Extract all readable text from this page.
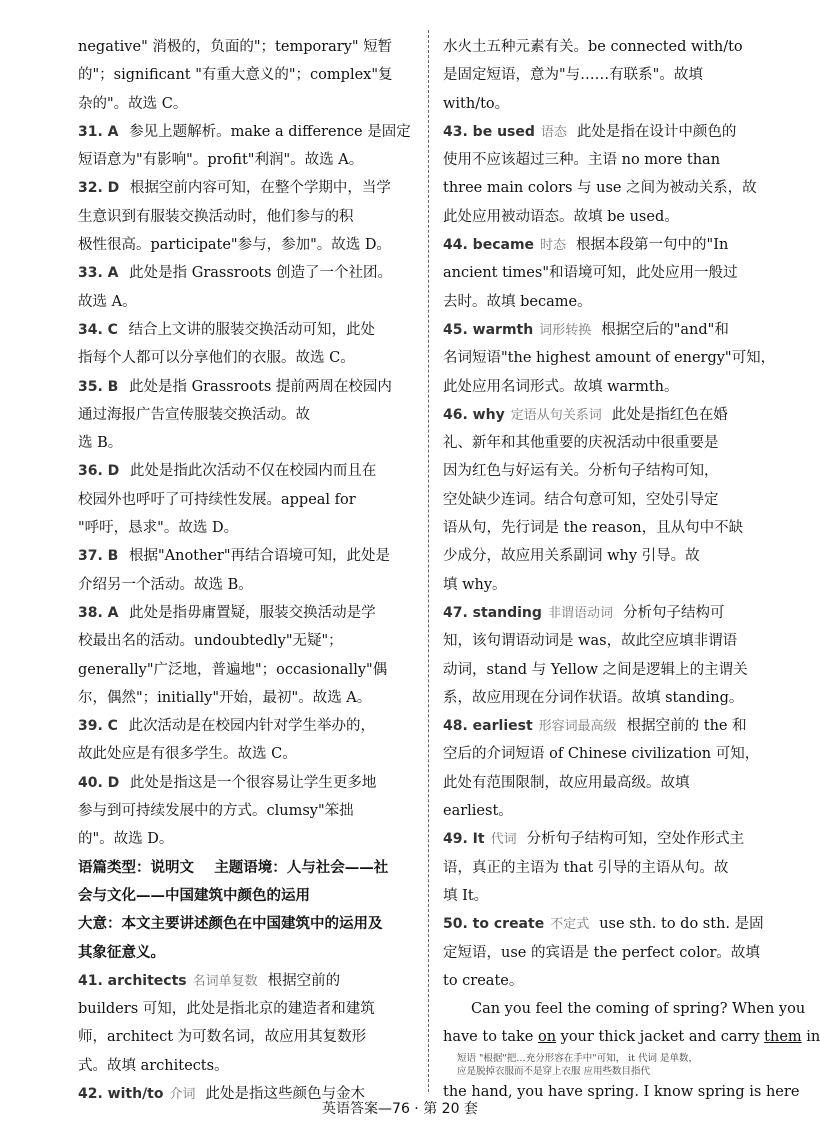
negative" 消极的，负面的"；temporary" 短暂
的"；significant "有重大意义的"；complex"复
杂的"。故选 C。
31. A 参见上题解析。make a difference 是固定
短语意为"有影响"。profit"利润"。故选 A。
32. D 根据空前内容可知，在整个学期中，当学
生意识到有服装交换活动时，他们参与的积
极性很高。participate"参与，参加"。故选 D。
33. A 此处是指 Grassroots 创造了一个社团。
故选 A。
34. C 结合上文讲的服装交换活动可知，此处
指每个人都可以分享他们的衣服。故选 C。
35. B 此处是指 Grassroots 提前两周在校园内
通过海报广告宣传服装交换活动。故
选 B。
36. D 此处是指此次活动不仅在校园内而且在
校园外也呼吁了可持续性发展。appeal for
"呼吁，恳求"。故选 D。
37. B 根据"Another"再结合语境可知，此处是
介绍另一个活动。故选 B。
38. A 此处是指毋庸置疑，服装交换活动是学
校最出名的活动。undoubtedly"无疑"；
generally"广泛地，普遍地"；occasionally"偶
尔，偶然"；initially"开始，最初"。故选 A。
39. C 此次活动是在校园内针对学生举办的，
故此处应是有很多学生。故选 C。
40. D 此处是指这是一个很容易让学生更多地
参与到可持续发展中的方式。clumsy"笨拙
的"。故选 D。
语篇类型：说明文 主题语境：人与社会——社
会与文化——中国建筑中颜色的运用
大意：本文主要讲述颜色在中国建筑中的运用及
其象征意义。
41. architects 名词单复数 根据空前的
builders 可知，此处是指北京的建造者和建筑
师，architect 为可数名词，故应用其复数形
式。故填 architects。
42. with/to 介词 此处是指这些颜色与金木
水火土五种元素有关。be connected with/to
是固定短语，意为"与……有联系"。故填
with/to。
43. be used 语态 此处是指在设计中颜色的
使用不应该超过三种。主语 no more than
three main colors 与 use 之间为被动关系，故
此处应用被动语态。故填 be used。
44. became 时态 根据本段第一句中的"In
ancient times"和语境可知，此处应用一般过
去时。故填 became。
45. warmth 词形转换 根据空后的"and"和
名词短语"the highest amount of energy"可知，
此处应用名词形式。故填 warmth。
46. why 定语从句关系词 此处是指红色在婚
礼、新年和其他重要的庆祝活动中很重要是
因为红色与好运有关。分析句子结构可知，
空处缺少连词。结合句意可知，空处引导定
语从句，先行词是 the reason，且从句中不缺
少成分，故应用关系副词 why 引导。故
填 why。
47. standing 非谓语动词 分析句子结构可
知，该句谓语动词是 was，故此空应填非谓语
动词，stand 与 Yellow 之间是逻辑上的主谓关
系，故应用现在分词作状语。故填 standing。
48. earliest 形容词最高级 根据空前的 the 和
空后的介词短语 of Chinese civilization 可知，
此处有范围限制，故应用最高级。故填
earliest。
49. It 代词 分析句子结构可知，空处作形式主
语，真正的主语为 that 引导的主语从句。故
填 It。
50. to create 不定式 use sth. to do sth. 是固
定短语，use 的宾语是 the perfect color。故填
to create。
Can you feel the coming of spring? When you
have to take on your thick jacket and carry them in
短语 "根据"把…充分形容在手中"可知， it 代词 是单数，
应是脱掉衣服而不是穿上衣服 应用些数目指代
the hand, you have spring. I know spring is here
英语答案—76 · 第 20 套
